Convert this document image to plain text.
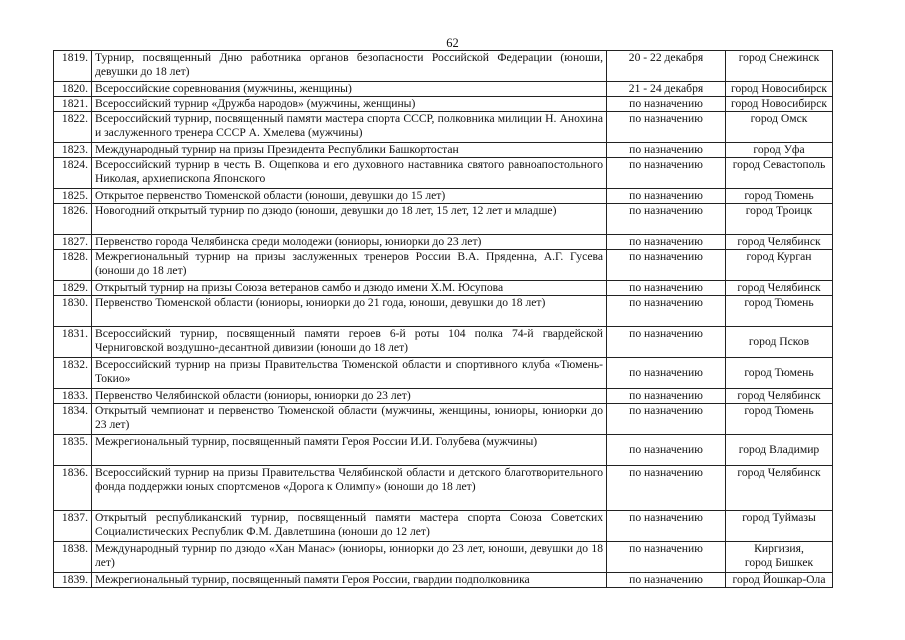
62
1819.	Турнир, посвященный Дню работника органов безопасности Российской Федерации (юноши, девушки до 18 лет)	20 - 22 декабря	город Снежинск
1820.	Всероссийские соревнования (мужчины, женщины)	21 - 24 декабря	город Новосибирск
1821.	Всероссийский турнир «Дружба народов» (мужчины, женщины)	по назначению	город Новосибирск
1822.	Всероссийский турнир, посвященный памяти мастера спорта СССР, полковника милиции Н. Анохина и заслуженного тренера СССР А. Хмелева (мужчины)	по назначению	город Омск
1823.	Международный турнир на призы Президента Республики Башкортостан	по назначению	город Уфа
1824.	Всероссийский турнир в честь В. Ощепкова и его духовного наставника святого равноапостольного Николая, архиепископа Японского	по назначению	город Севастополь
1825.	Открытое первенство Тюменской области (юноши, девушки до 15 лет)	по назначению	город Тюмень
1826.	Новогодний открытый турнир по дзюдо (юноши, девушки до 18 лет, 15 лет, 12 лет и младше)	по назначению	город Троицк
1827.	Первенство города Челябинска среди молодежи (юниоры, юниорки до 23 лет)	по назначению	город Челябинск
1828.	Межрегиональный турнир на призы заслуженных тренеров России В.А. Пряденна, А.Г. Гусева (юноши до 18 лет)	по назначению	город Курган
1829.	Открытый турнир на призы Союза ветеранов самбо и дзюдо имени Х.М. Юсупова	по назначению	город Челябинск
1830.	Первенство Тюменской области (юниоры, юниорки до 21 года, юноши, девушки до 18 лет)	по назначению	город Тюмень
1831.	Всероссийский турнир, посвященный памяти героев 6-й роты 104 полка 74-й гвардейской Черниговской воздушно-десантной дивизии (юноши до 18 лет)	по назначению	город Псков
1832.	Всероссийский турнир на призы Правительства Тюменской области и спортивного клуба «Тюмень-Токио»	по назначению	город Тюмень
1833.	Первенство Челябинской области (юниоры, юниорки до 23 лет)	по назначению	город Челябинск
1834.	Открытый чемпионат и первенство Тюменской области (мужчины, женщины, юниоры, юниорки до 23 лет)	по назначению	город Тюмень
1835.	Межрегиональный турнир, посвященный памяти Героя России И.И. Голубева (мужчины)	по назначению	город Владимир
1836.	Всероссийский турнир на призы Правительства Челябинской области и детского благотворительного фонда поддержки юных спортсменов «Дорога к Олимпу» (юноши до 18 лет)	по назначению	город Челябинск
1837.	Открытый республиканский турнир, посвященный памяти мастера спорта Союза Советских Социалистических Республик Ф.М. Давлетшина (юноши до 12 лет)	по назначению	город Туймазы
1838.	Международный турнир по дзюдо «Хан Манас» (юниоры, юниорки до 23 лет, юноши, девушки до 18 лет)	по назначению	Киргизия, город Бишкек
1839.	Межрегиональный турнир, посвященный памяти Героя России, гвардии подполковника	по назначению	город Йошкар-Ола
